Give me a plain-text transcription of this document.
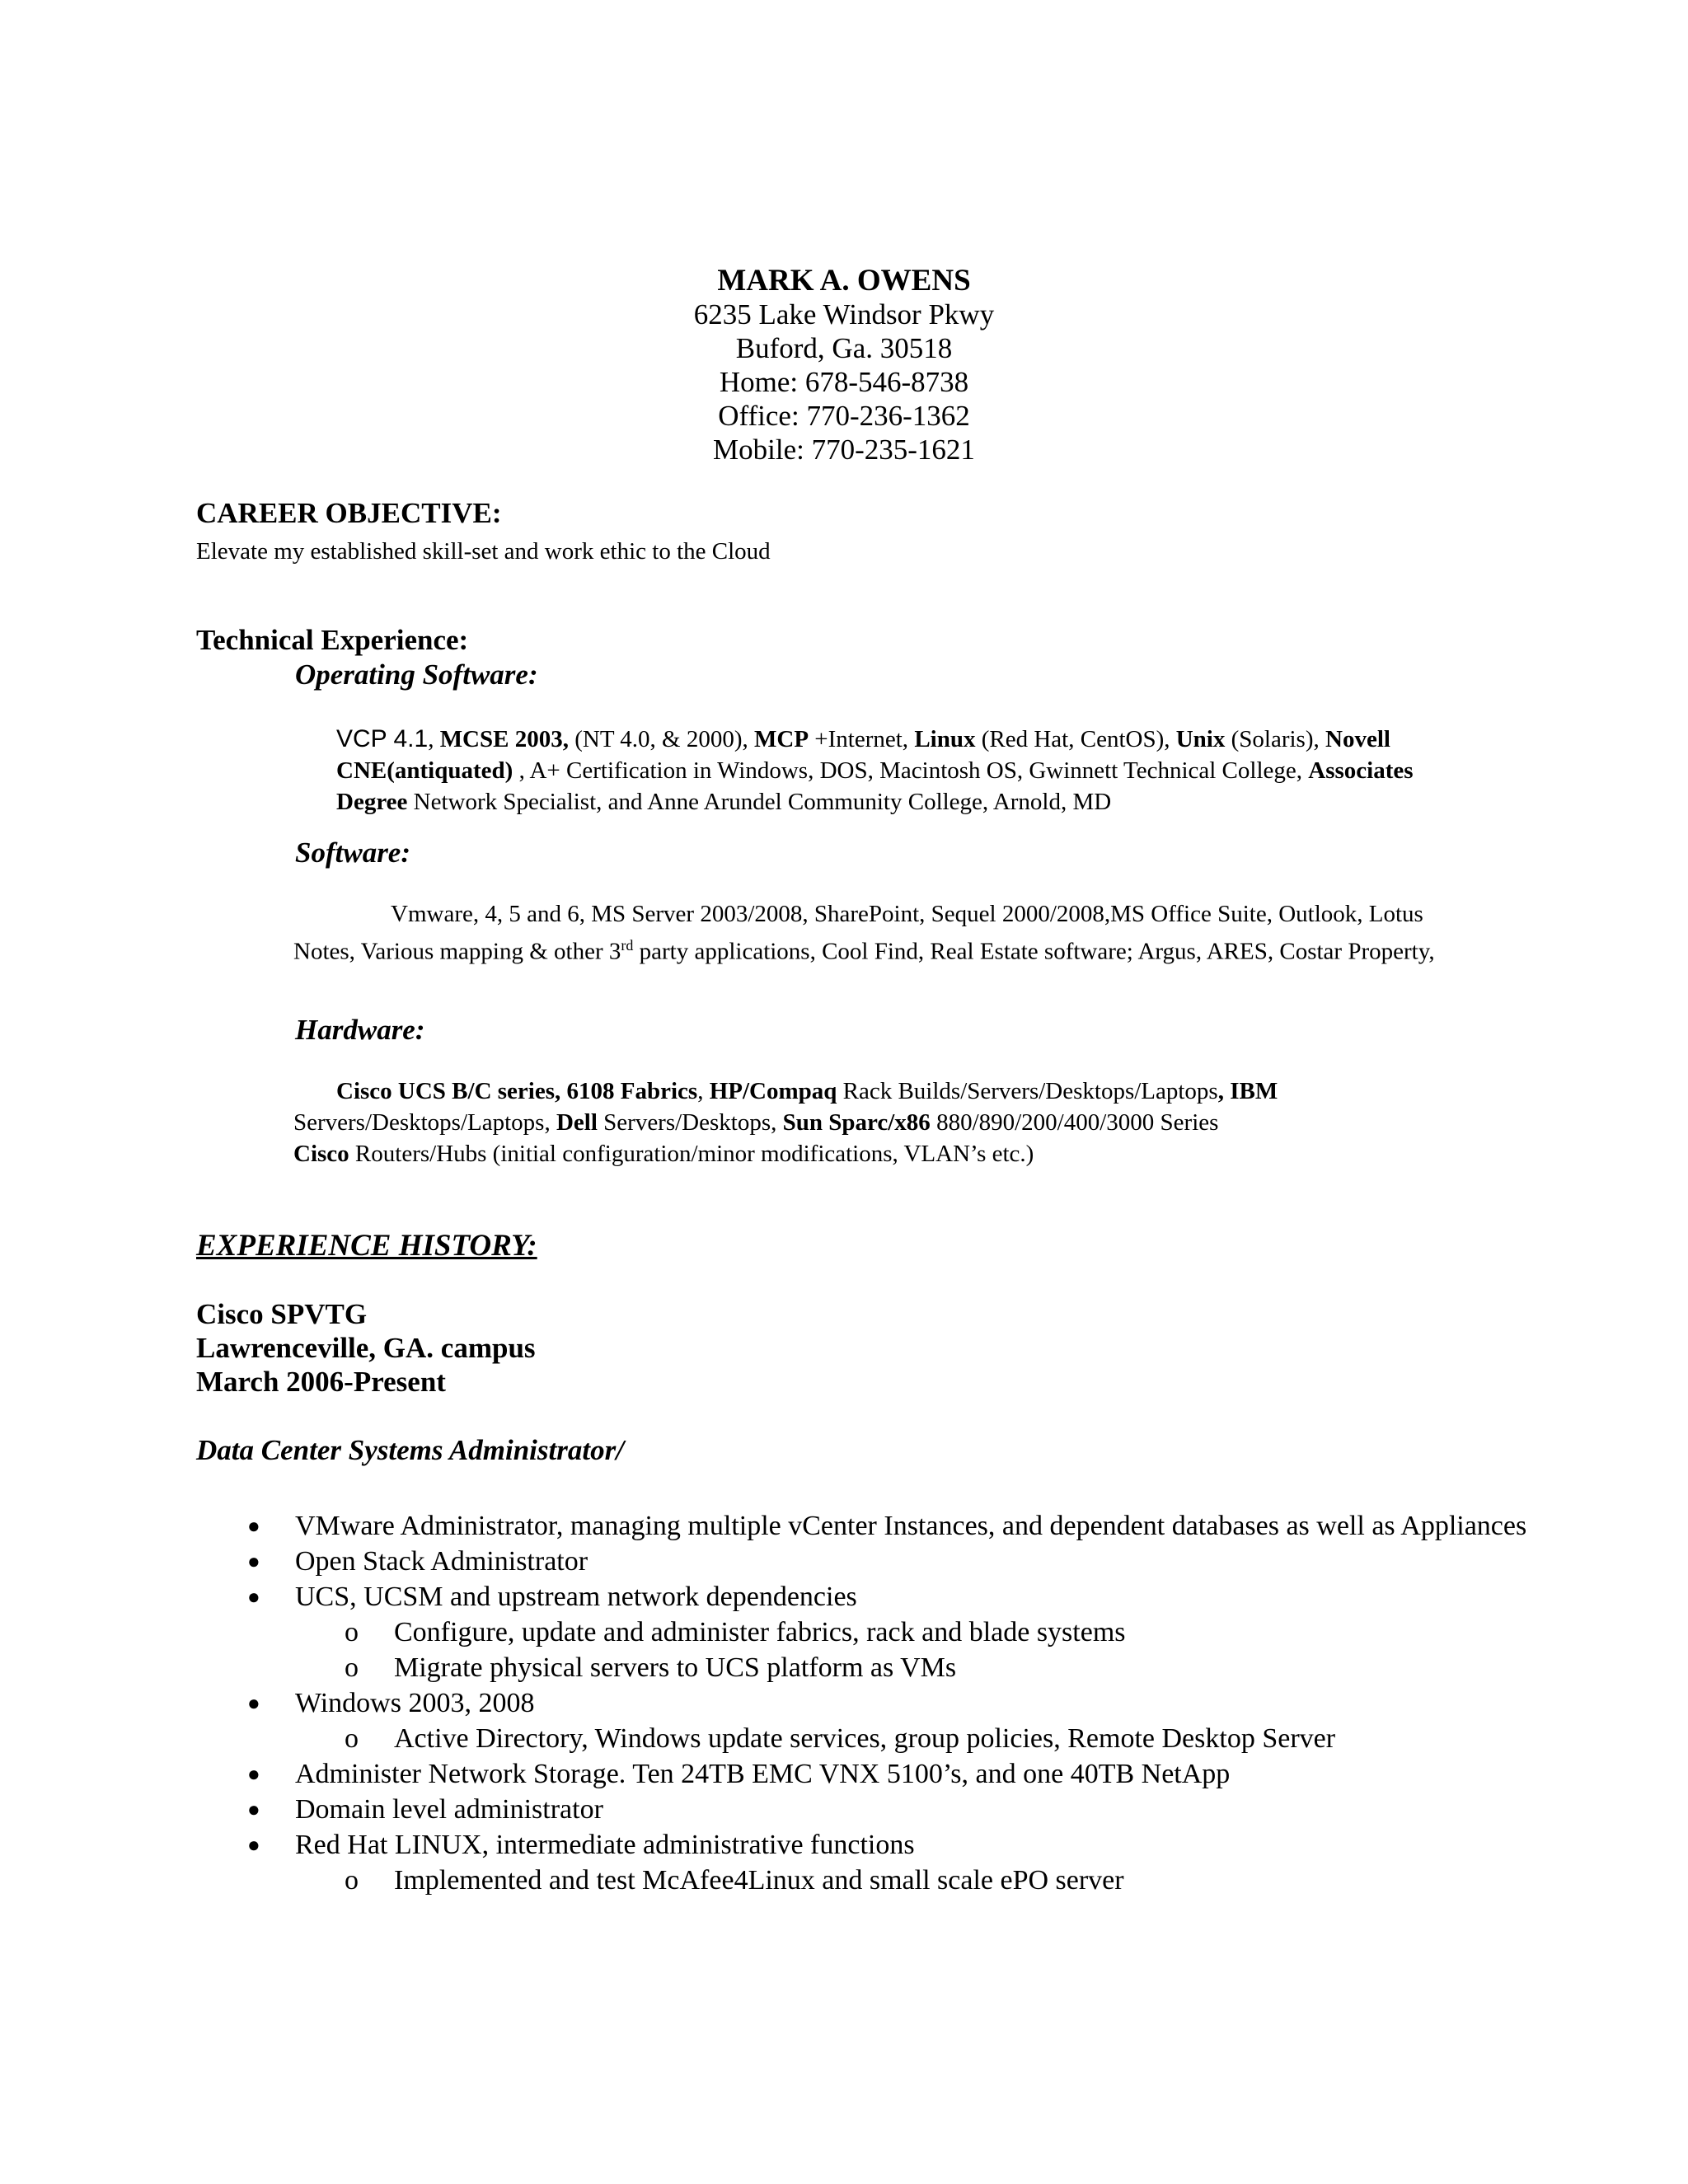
MARK A. OWENS
6235 Lake Windsor Pkwy
Buford, Ga. 30518
Home: 678-546-8738
Office: 770-236-1362
Mobile: 770-235-1621
CAREER OBJECTIVE:
Elevate my established skill-set and work ethic to the Cloud
Technical Experience:
Operating Software:
VCP 4.1, MCSE 2003, (NT 4.0, & 2000), MCP +Internet, Linux (Red Hat, CentOS), Unix (Solaris), Novell CNE(antiquated) , A+ Certification in Windows, DOS, Macintosh OS, Gwinnett Technical College, Associates Degree Network Specialist, and Anne Arundel Community College, Arnold, MD
Software:
Vmware, 4, 5 and 6, MS Server 2003/2008, SharePoint, Sequel 2000/2008,MS Office Suite, Outlook, Lotus Notes, Various mapping & other 3rd party applications, Cool Find, Real Estate software; Argus, ARES, Costar Property,
Hardware:
Cisco UCS B/C series, 6108 Fabrics, HP/Compaq Rack Builds/Servers/Desktops/Laptops, IBM Servers/Desktops/Laptops, Dell Servers/Desktops, Sun Sparc/x86 880/890/200/400/3000 Series
Cisco Routers/Hubs (initial configuration/minor modifications, VLAN’s etc.)
EXPERIENCE HISTORY:
Cisco SPVTG
Lawrenceville, GA. campus
March 2006-Present
Data Center Systems Administrator/
● VMware Administrator, managing multiple vCenter Instances, and dependent databases as well as Appliances
● Open Stack Administrator
● UCS, UCSM and upstream network dependencies
o Configure, update and administer fabrics, rack and blade systems
o Migrate physical servers to UCS platform as VMs
● Windows 2003, 2008
o Active Directory, Windows update services, group policies, Remote Desktop Server
● Administer Network Storage. Ten 24TB EMC VNX 5100’s, and one 40TB NetApp
● Domain level administrator
● Red Hat LINUX, intermediate administrative functions
o Implemented and test McAfee4Linux and small scale ePO server
